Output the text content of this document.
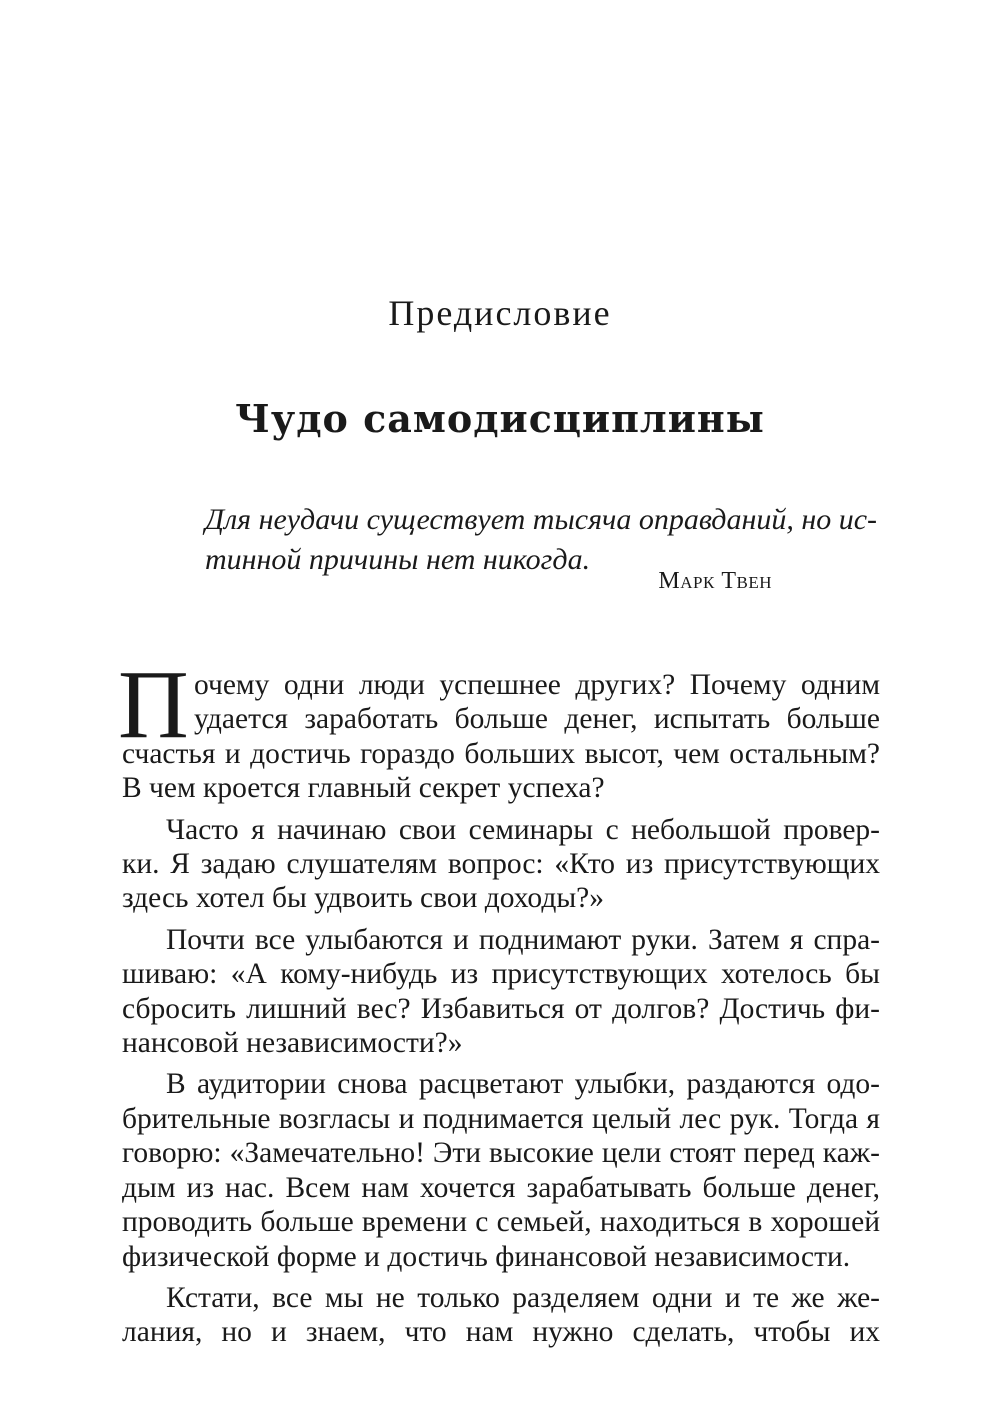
Предисловие
Чудо самодисциплины
Для неудачи существует тысяча оправданий, но ис-
тинной причины нет никогда.
Марк Твен
П очему одни люди успешнее других? Почему одним
удается заработать больше денег, испытать больше
счастья и достичь гораздо больших высот, чем остальным?
В чем кроется главный секрет успеха?
Часто я начинаю свои семинары с небольшой провер-
ки. Я задаю слушателям вопрос: «Кто из присутствующих
здесь хотел бы удвоить свои доходы?»
Почти все улыбаются и поднимают руки. Затем я спра-
шиваю: «А кому-нибудь из присутствующих хотелось бы
сбросить лишний вес? Избавиться от долгов? Достичь фи-
нансовой независимости?»
В аудитории снова расцветают улыбки, раздаются одо-
брительные возгласы и поднимается целый лес рук. Тогда я
говорю: «Замечательно! Эти высокие цели стоят перед каж-
дым из нас. Всем нам хочется зарабатывать больше денег,
проводить больше времени с семьей, находиться в хорошей
физической форме и достичь финансовой независимости.
Кстати, все мы не только разделяем одни и те же же-
лания, но и знаем, что нам нужно сделать, чтобы их
